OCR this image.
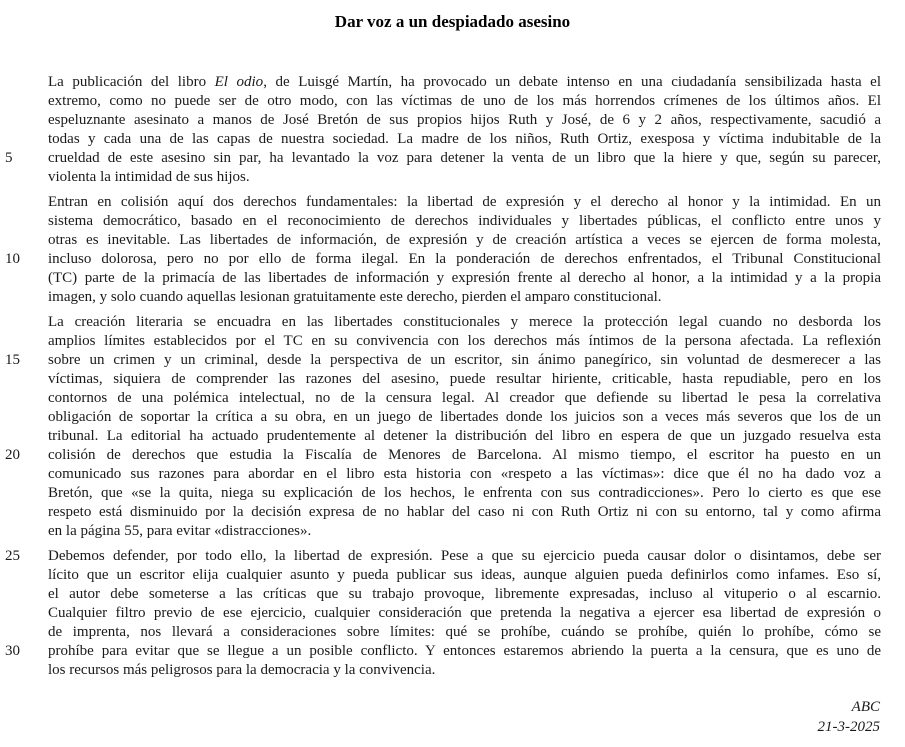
Dar voz a un despiadado asesino
La publicación del libro El odio, de Luisgé Martín, ha provocado un debate intenso en una ciudadanía sensibilizada hasta el
extremo, como no puede ser de otro modo, con las víctimas de uno de los más horrendos crímenes de los últimos años. El
espeluznante asesinato a manos de José Bretón de sus propios hijos Ruth y José, de 6 y 2 años, respectivamente, sacudió a
todas y cada una de las capas de nuestra sociedad. La madre de los niños, Ruth Ortiz, exesposa y víctima indubitable de la
5	crueldad de este asesino sin par, ha levantado la voz para detener la venta de un libro que la hiere y que, según su parecer,
violenta la intimidad de sus hijos.
Entran en colisión aquí dos derechos fundamentales: la libertad de expresión y el derecho al honor y la intimidad. En un
sistema democrático, basado en el reconocimiento de derechos individuales y libertades públicas, el conflicto entre unos y
otras es inevitable. Las libertades de información, de expresión y de creación artística a veces se ejercen de forma molesta,
10	incluso dolorosa, pero no por ello de forma ilegal. En la ponderación de derechos enfrentados, el Tribunal Constitucional
(TC) parte de la primacía de las libertades de información y expresión frente al derecho al honor, a la intimidad y a la propia
imagen, y solo cuando aquellas lesionan gratuitamente este derecho, pierden el amparo constitucional.
La creación literaria se encuadra en las libertades constitucionales y merece la protección legal cuando no desborda los
amplios límites establecidos por el TC en su convivencia con los derechos más íntimos de la persona afectada. La reflexión
15	sobre un crimen y un criminal, desde la perspectiva de un escritor, sin ánimo panegírico, sin voluntad de desmerecer a las
víctimas, siquiera de comprender las razones del asesino, puede resultar hiriente, criticable, hasta repudiable, pero en los
contornos de una polémica intelectual, no de la censura legal. Al creador que defiende su libertad le pesa la correlativa
obligación de soportar la crítica a su obra, en un juego de libertades donde los juicios son a veces más severos que los de un
tribunal. La editorial ha actuado prudentemente al detener la distribución del libro en espera de que un juzgado resuelva esta
20	colisión de derechos que estudia la Fiscalía de Menores de Barcelona. Al mismo tiempo, el escritor ha puesto en un
comunicado sus razones para abordar en el libro esta historia con «respeto a las víctimas»: dice que él no ha dado voz a
Bretón, que «se la quita, niega su explicación de los hechos, le enfrenta con sus contradicciones». Pero lo cierto es que ese
respeto está disminuido por la decisión expresa de no hablar del caso ni con Ruth Ortiz ni con su entorno, tal y como afirma
en la página 55, para evitar «distracciones».
25	Debemos defender, por todo ello, la libertad de expresión. Pese a que su ejercicio pueda causar dolor o disintamos, debe ser
lícito que un escritor elija cualquier asunto y pueda publicar sus ideas, aunque alguien pueda definirlos como infames. Eso sí,
el autor debe someterse a las críticas que su trabajo provoque, libremente expresadas, incluso al vituperio o al escarnio.
Cualquier filtro previo de ese ejercicio, cualquier consideración que pretenda la negativa a ejercer esa libertad de expresión o
de imprenta, nos llevará a consideraciones sobre límites: qué se prohíbe, cuándo se prohíbe, quién lo prohíbe, cómo se
30	prohíbe para evitar que se llegue a un posible conflicto. Y entonces estaremos abriendo la puerta a la censura, que es uno de
los recursos más peligrosos para la democracia y la convivencia.
ABC
21-3-2025
